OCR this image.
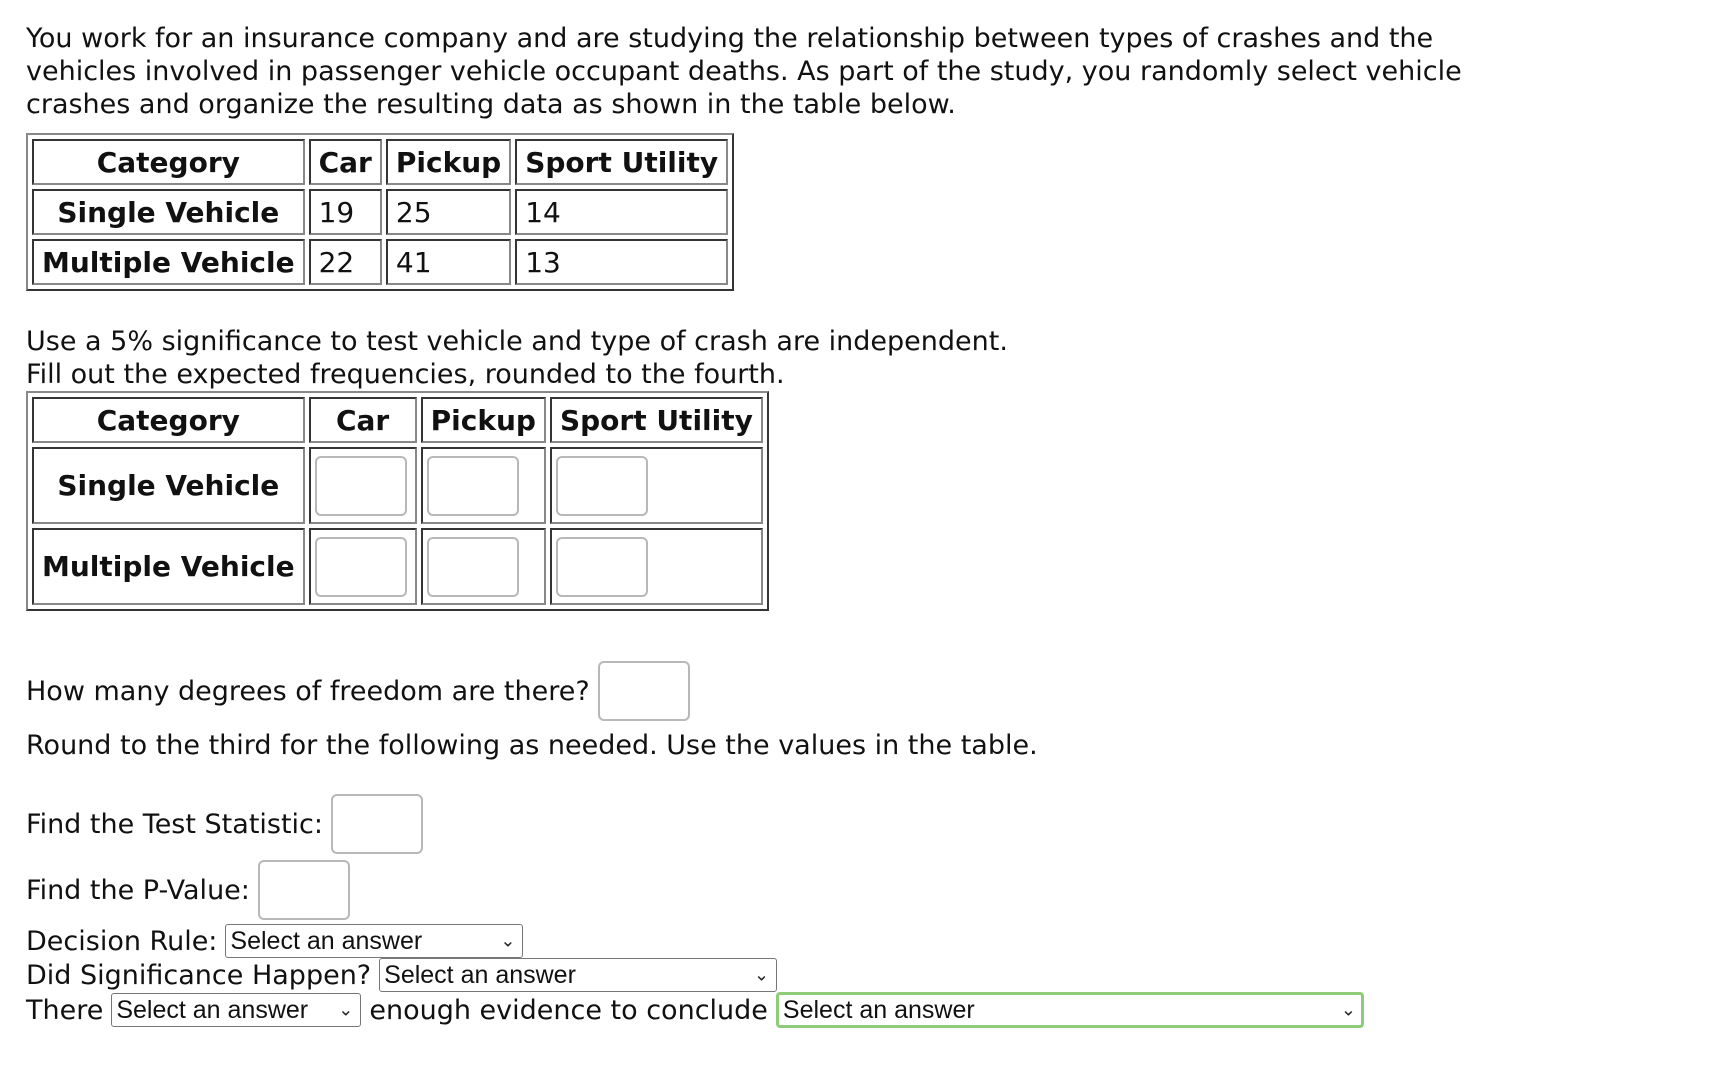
You work for an insurance company and are studying the relationship between types of crashes and the vehicles involved in passenger vehicle occupant deaths. As part of the study, you randomly select vehicle crashes and organize the resulting data as shown in the table below.

Category	Car	Pickup	Sport Utility
Single Vehicle	19	25	14
Multiple Vehicle	22	41	13

Use a 5% significance to test vehicle and type of crash are independent.

Fill out the expected frequencies, rounded to the fourth.

Category	Car	Pickup	Sport Utility
Single Vehicle			
Multiple Vehicle			
How many degrees of freedom are there?

Round to the third for the following as needed. Use the values in the table.

Find the Test Statistic:
Find the P-Value:
Decision Rule:
Select an answer	⌄
Did Significance Happen?
Select an answer	⌄
There
Select an answer	⌄ enough evidence to conclude
Select an answer	⌄
